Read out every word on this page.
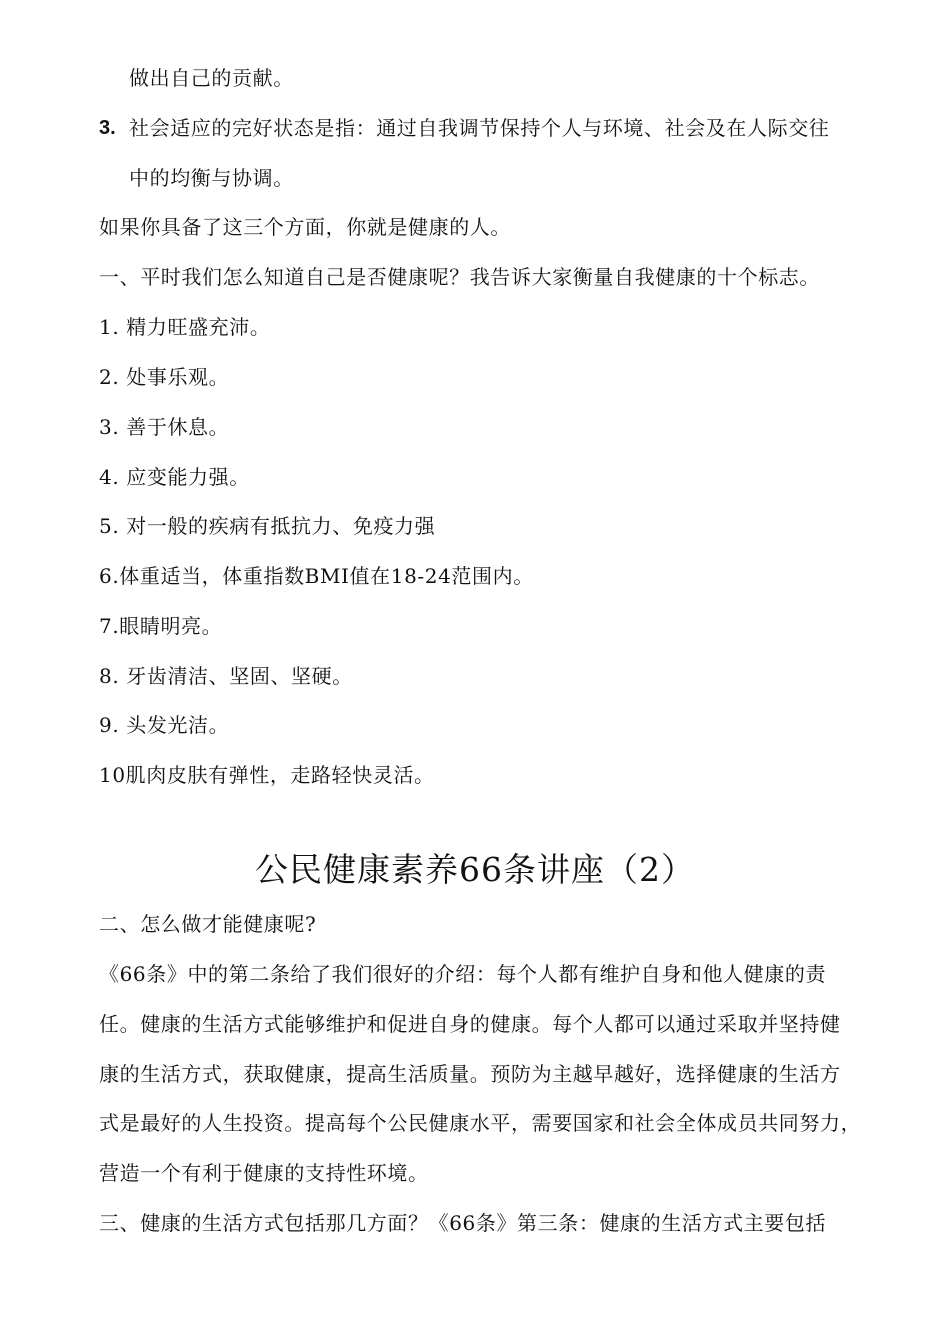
做出自己的贡献。
3. 社会适应的完好状态是指：通过自我调节保持个人与环境、社会及在人际交往
中的均衡与协调。
如果你具备了这三个方面，你就是健康的人。
一、平时我们怎么知道自己是否健康呢？我告诉大家衡量自我健康的十个标志。
1. 精力旺盛充沛。
2. 处事乐观。
3. 善于休息。
4. 应变能力强。
5. 对一般的疾病有抵抗力、免疫力强
6.体重适当，体重指数BMI值在18-24范围内。
7.眼睛明亮。
8. 牙齿清洁、坚固、坚硬。
9. 头发光洁。
10肌肉皮肤有弹性，走路轻快灵活。
公民健康素养66条讲座（2）
二、怎么做才能健康呢?
《66条》中的第二条给了我们很好的介绍：每个人都有维护自身和他人健康的责
任。健康的生活方式能够维护和促进自身的健康。每个人都可以通过采取并坚持健
康的生活方式，获取健康，提高生活质量。预防为主越早越好，选择健康的生活方
式是最好的人生投资。提高每个公民健康水平，需要国家和社会全体成员共同努力，
营造一个有利于健康的支持性环境。
三、健康的生活方式包括那几方面？《66条》第三条：健康的生活方式主要包括
